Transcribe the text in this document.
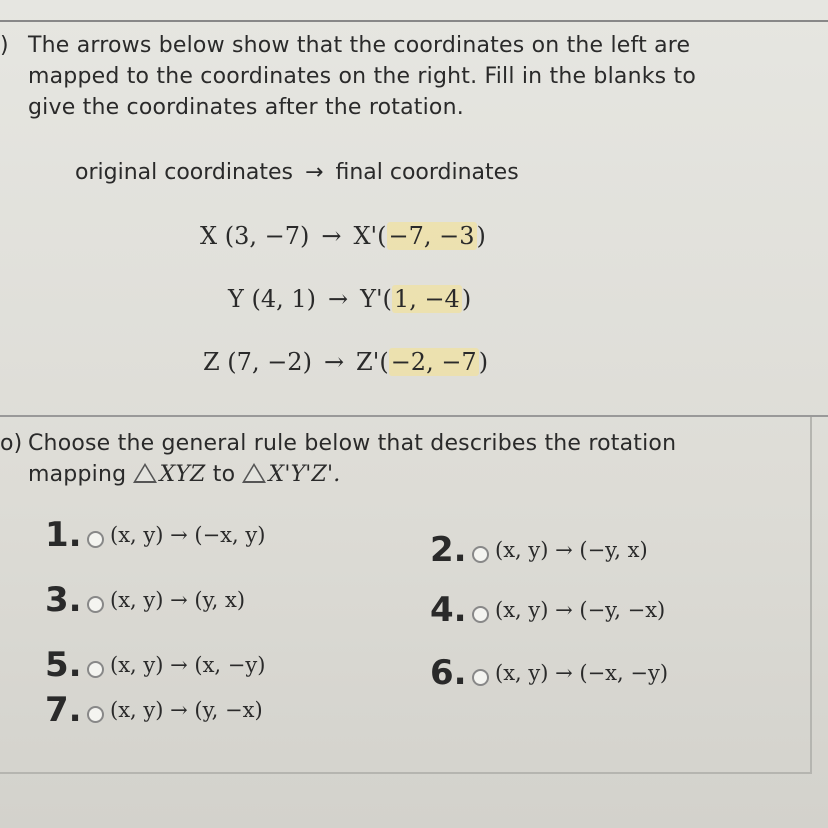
) The arrows below show that the coordinates on the left are
mapped to the coordinates on the right. Fill in the blanks to
give the coordinates after the rotation.
original coordinates → final coordinates
X (3, −7) → X'(−7, −3)
Y (4, 1) → Y'(1, −4)
Z (7, −2) → Z'(−2, −7)
o) Choose the general rule below that describes the rotation
mapping XYZ to X'Y'Z'.
1. (x, y) → (−x, y)	2. (x, y) → (−y, x)
3. (x, y) → (y, x)	4. (x, y) → (−y, −x)
5. (x, y) → (x, −y)	6. (x, y) → (−x, −y)
7. (x, y) → (y, −x)
